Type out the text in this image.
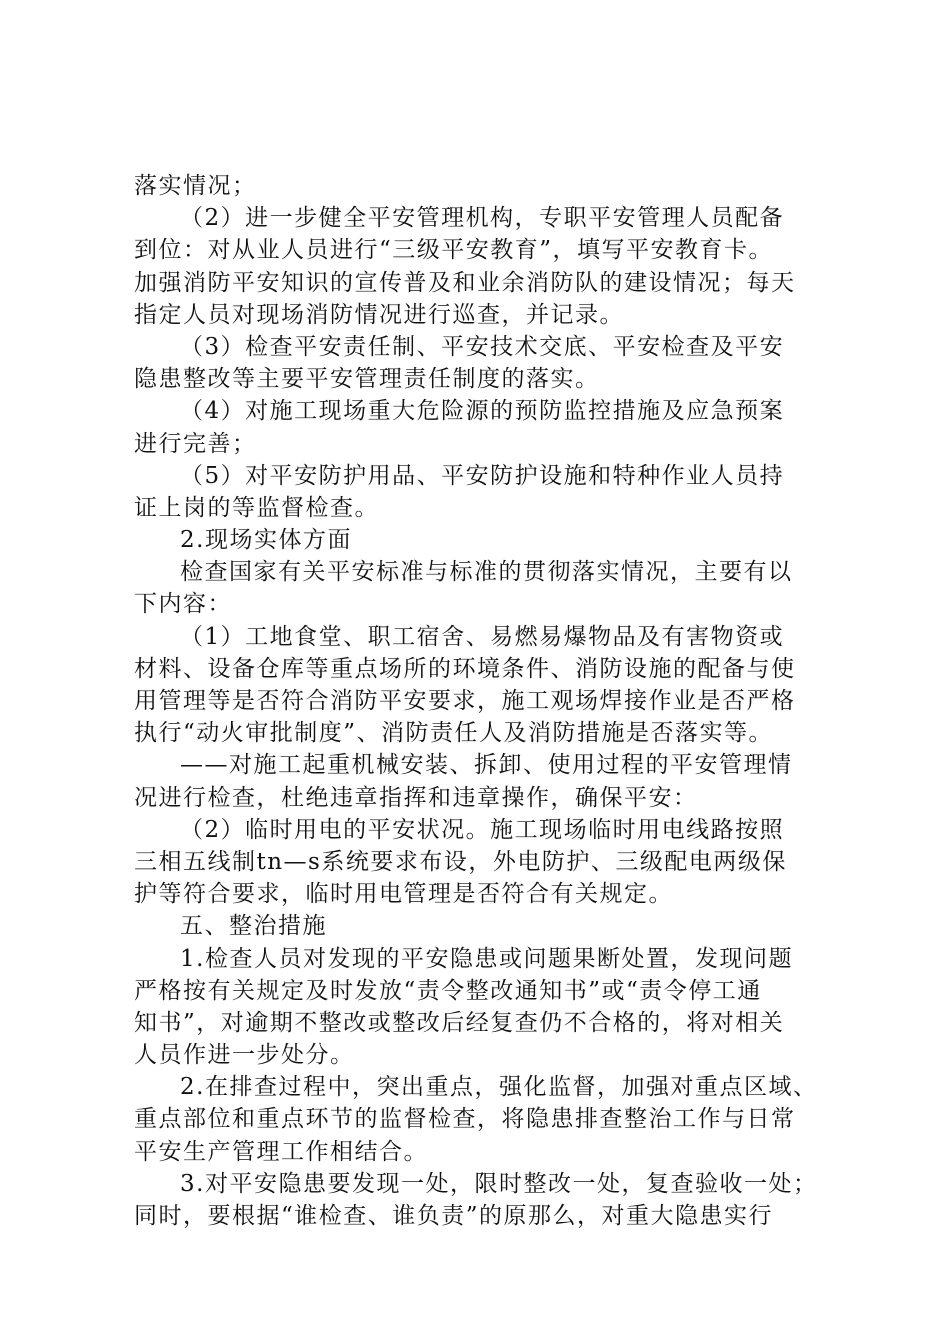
落实情况；
（2）进一步健全平安管理机构，专职平安管理人员配备
到位：对从业人员进行“三级平安教育”，填写平安教育卡。
加强消防平安知识的宣传普及和业余消防队的建设情况；每天
指定人员对现场消防情况进行巡查，并记录。
（3）检查平安责任制、平安技术交底、平安检查及平安
隐患整改等主要平安管理责任制度的落实。
（4）对施工现场重大危险源的预防监控措施及应急预案
进行完善；
（5）对平安防护用品、平安防护设施和特种作业人员持
证上岗的等监督检查。
2.现场实体方面
检查国家有关平安标准与标准的贯彻落实情况，主要有以
下内容：
（1）工地食堂、职工宿舍、易燃易爆物品及有害物资或
材料、设备仓库等重点场所的环境条件、消防设施的配备与使
用管理等是否符合消防平安要求，施工观场焊接作业是否严格
执行“动火审批制度”、消防责任人及消防措施是否落实等。
——对施工起重机械安装、拆卸、使用过程的平安管理情
况进行检查，杜绝违章指挥和违章操作，确保平安：
（2）临时用电的平安状况。施工现场临时用电线路按照
三相五线制tn—s系统要求布设，外电防护、三级配电两级保
护等符合要求，临时用电管理是否符合有关规定。
五、整治措施
1.检查人员对发现的平安隐患或问题果断处置，发现问题
严格按有关规定及时发放“责令整改通知书”或“责令停工通
知书”，对逾期不整改或整改后经复查仍不合格的，将对相关
人员作进一步处分。
2.在排查过程中，突出重点，强化监督，加强对重点区域、
重点部位和重点环节的监督检查，将隐患排查整治工作与日常
平安生产管理工作相结合。
3.对平安隐患要发现一处，限时整改一处，复查验收一处；
同时，要根据“谁检查、谁负责”的原那么，对重大隐患实行
